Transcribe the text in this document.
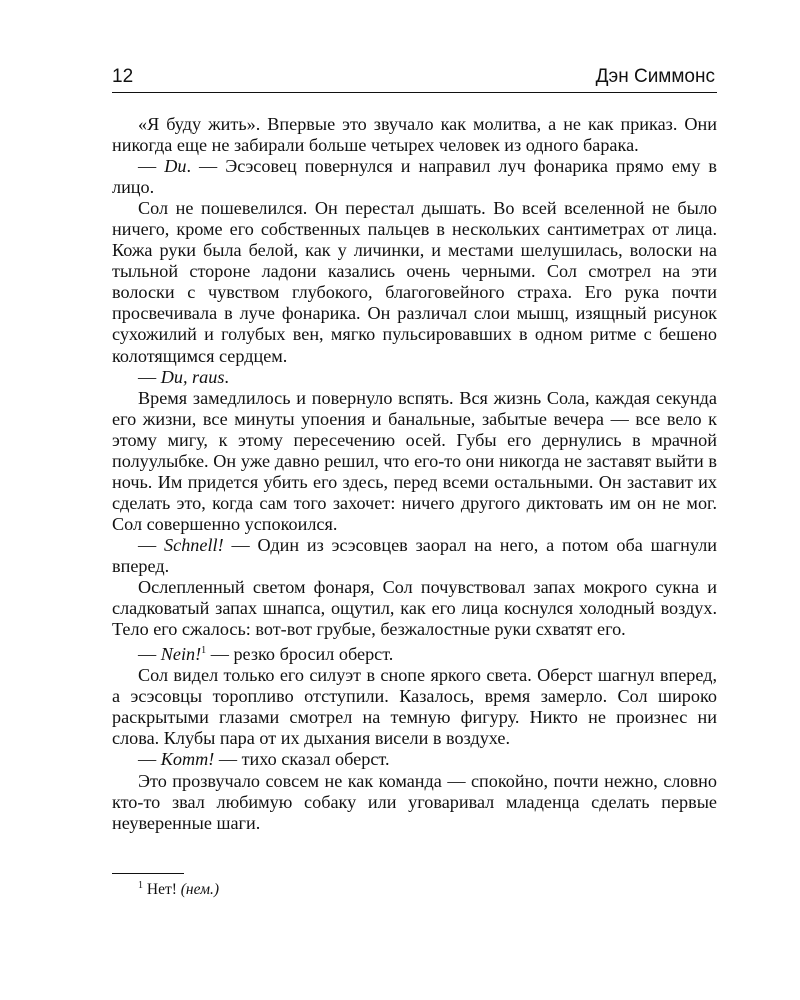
12	Дэн Симмонс

«Я буду жить». Впервые это звучало как молитва, а не как приказ. Они никогда еще не забирали больше четырех человек из одного барака.

— Du. — Эсэсовец повернулся и направил луч фонарика прямо ему в лицо.

Сол не пошевелился. Он перестал дышать. Во всей вселенной не было ничего, кроме его собственных пальцев в нескольких сантиметрах от лица. Кожа руки была белой, как у личинки, и местами шелушилась, волоски на тыльной стороне ладони казались очень черными. Сол смотрел на эти волоски с чувством глубокого, благоговейного страха. Его рука почти просвечивала в луче фонарика. Он различал слои мышц, изящный рисунок сухожилий и голубых вен, мягко пульсировавших в одном ритме с бешено колотящимся сердцем.

— Du, raus.

Время замедлилось и повернуло вспять. Вся жизнь Сола, каждая секунда его жизни, все минуты упоения и банальные, забытые вечера — все вело к этому мигу, к этому пересечению осей. Губы его дернулись в мрачной полуулыбке. Он уже давно решил, что его-то они никогда не заставят выйти в ночь. Им придется убить его здесь, перед всеми остальными. Он заставит их сделать это, когда сам того захочет: ничего другого диктовать им он не мог. Сол совершенно успокоился.

— Schnell! — Один из эсэсовцев заорал на него, а потом оба шагнули вперед.

Ослепленный светом фонаря, Сол почувствовал запах мокрого сукна и сладковатый запах шнапса, ощутил, как его лица коснулся холодный воздух. Тело его сжалось: вот-вот грубые, безжалостные руки схватят его.

— Nein!$^1$ — резко бросил оберст.

Сол видел только его силуэт в снопе яркого света. Оберст шагнул вперед, а эсэсовцы торопливо отступили. Казалось, время замерло. Сол широко раскрытыми глазами смотрел на темную фигуру. Никто не произнес ни слова. Клубы пара от их дыхания висели в воздухе.

— Komm! — тихо сказал оберст.

Это прозвучало совсем не как команда — спокойно, почти нежно, словно кто-то звал любимую собаку или уговаривал младенца сделать первые неуверенные шаги.

$^1$ Нет! (нем.)
